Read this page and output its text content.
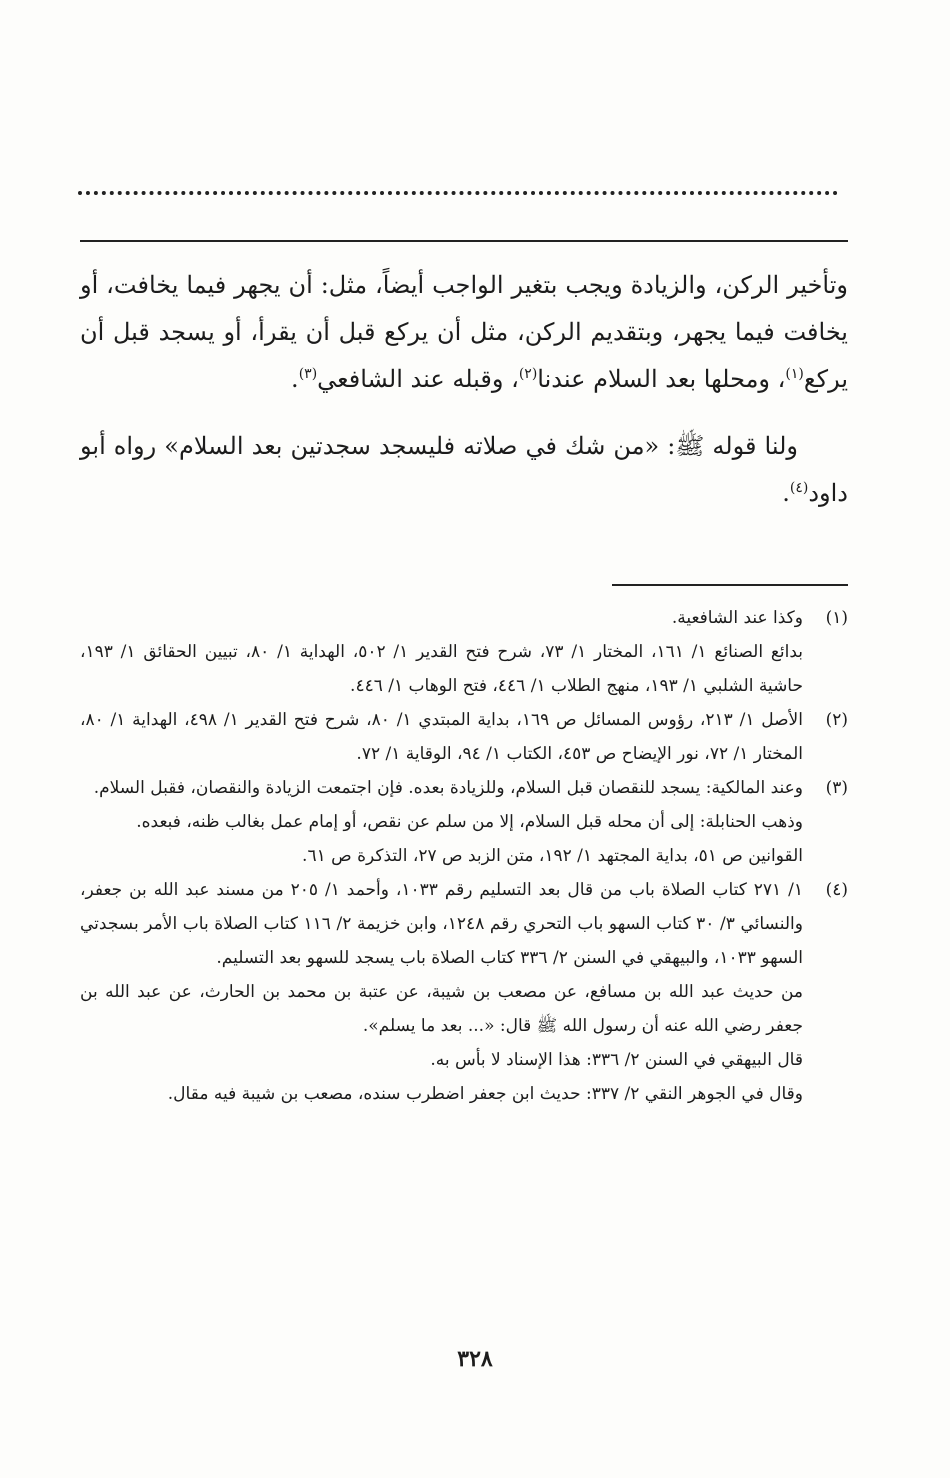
وتأخير الركن، والزيادة ويجب بتغير الواجب أيضاً، مثل: أن يجهر فيما يخافت، أو يخافت فيما يجهر، وبتقديم الركن، مثل أن يركع قبل أن يقرأ، أو يسجد قبل أن يركع$^{(١)}$، ومحلها بعد السلام عندنا$^{(٢)}$، وقبله عند الشافعي$^{(٣)}$.

ولنا قوله ﷺ: «من شك في صلاته فليسجد سجدتين بعد السلام» رواه أبو داود$^{(٤)}$.

(١)
وكذا عند الشافعية.
بدائع الصنائع ١/ ١٦١، المختار ١/ ٧٣، شرح فتح القدير ١/ ٥٠٢، الهداية ١/ ٨٠، تبيين الحقائق ١/ ١٩٣، حاشية الشلبي ١/ ١٩٣، منهج الطلاب ١/ ٤٤٦، فتح الوهاب ١/ ٤٤٦.
(٢)
الأصل ١/ ٢١٣، رؤوس المسائل ص ١٦٩، بداية المبتدي ١/ ٨٠، شرح فتح القدير ١/ ٤٩٨، الهداية ١/ ٨٠، المختار ١/ ٧٢، نور الإيضاح ص ٤٥٣، الكتاب ١/ ٩٤، الوقاية ١/ ٧٢.
(٣)
وعند المالكية: يسجد للنقصان قبل السلام، وللزيادة بعده. فإن اجتمعت الزيادة والنقصان، فقبل السلام.
وذهب الحنابلة: إلى أن محله قبل السلام، إلا من سلم عن نقص، أو إمام عمل بغالب ظنه، فبعده.
القوانين ص ٥١، بداية المجتهد ١/ ١٩٢، متن الزبد ص ٢٧، التذكرة ص ٦١.
(٤)
١/ ٢٧١ كتاب الصلاة باب من قال بعد التسليم رقم ١٠٣٣، وأحمد ١/ ٢٠٥ من مسند عبد الله بن جعفر، والنسائي ٣/ ٣٠ كتاب السهو باب التحري رقم ١٢٤٨، وابن خزيمة ٢/ ١١٦ كتاب الصلاة باب الأمر بسجدتي السهو ١٠٣٣، والبيهقي في السنن ٢/ ٣٣٦ كتاب الصلاة باب يسجد للسهو بعد التسليم.
من حديث عبد الله بن مسافع، عن مصعب بن شيبة، عن عتبة بن محمد بن الحارث، عن عبد الله بن جعفر رضي الله عنه أن رسول الله ﷺ قال: «... بعد ما يسلم».
قال البيهقي في السنن ٢/ ٣٣٦: هذا الإسناد لا بأس به.
وقال في الجوهر النقي ٢/ ٣٣٧: حديث ابن جعفر اضطرب سنده، مصعب بن شيبة فيه مقال.
٣٢٨
